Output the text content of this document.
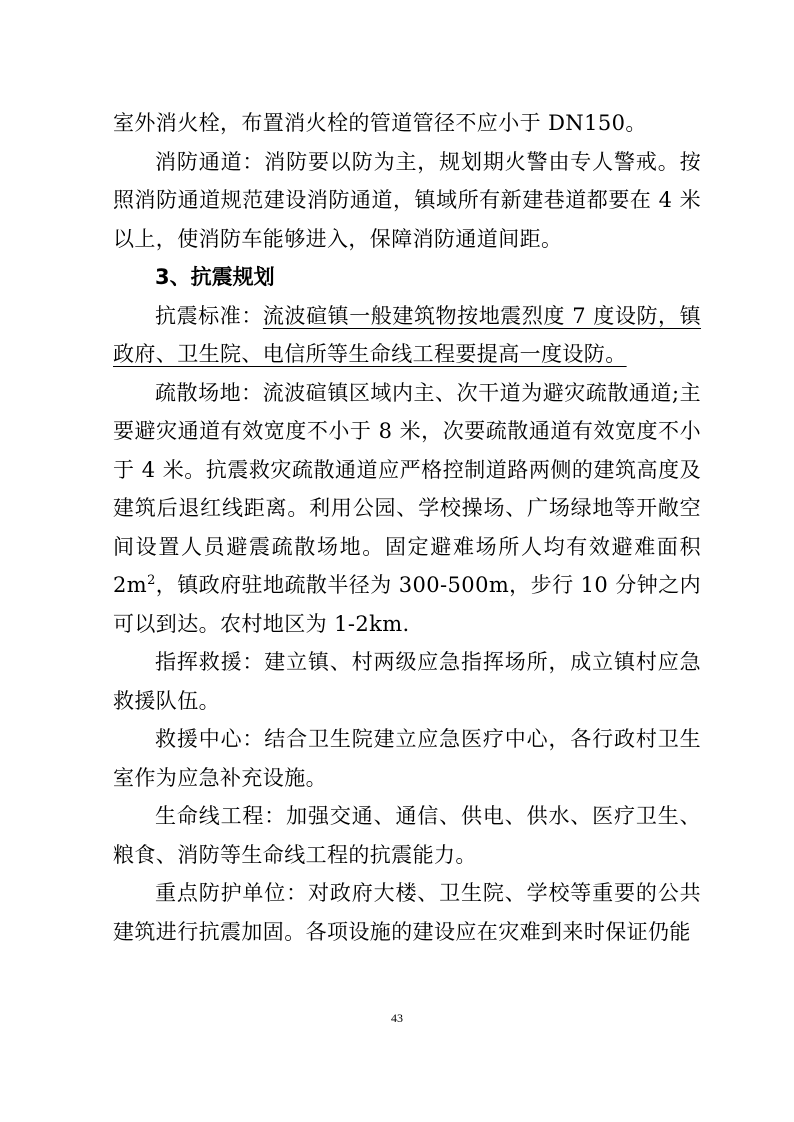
室外消火栓，布置消火栓的管道管径不应小于 DN150。

消防通道：消防要以防为主，规划期火警由专人警戒。按照消防通道规范建设消防通道，镇域所有新建巷道都要在 4 米以上，使消防车能够进入，保障消防通道间距。

3、抗震规划

抗震标准：流波碹镇一般建筑物按地震烈度 7 度设防，镇政府、卫生院、电信所等生命线工程要提高一度设防。

疏散场地：流波碹镇区域内主、次干道为避灾疏散通道;主要避灾通道有效宽度不小于 8 米，次要疏散通道有效宽度不小于 4 米。抗震救灾疏散通道应严格控制道路两侧的建筑高度及建筑后退红线距离。利用公园、学校操场、广场绿地等开敞空间设置人员避震疏散场地。固定避难场所人均有效避难面积 $2m^2$，镇政府驻地疏散半径为 300-500m，步行 10 分钟之内可以到达。农村地区为 1-2km.

指挥救援：建立镇、村两级应急指挥场所，成立镇村应急救援队伍。

救援中心：结合卫生院建立应急医疗中心，各行政村卫生室作为应急补充设施。

生命线工程：加强交通、通信、供电、供水、医疗卫生、粮食、消防等生命线工程的抗震能力。

重点防护单位：对政府大楼、卫生院、学校等重要的公共建筑进行抗震加固。各项设施的建设应在灾难到来时保证仍能

43
